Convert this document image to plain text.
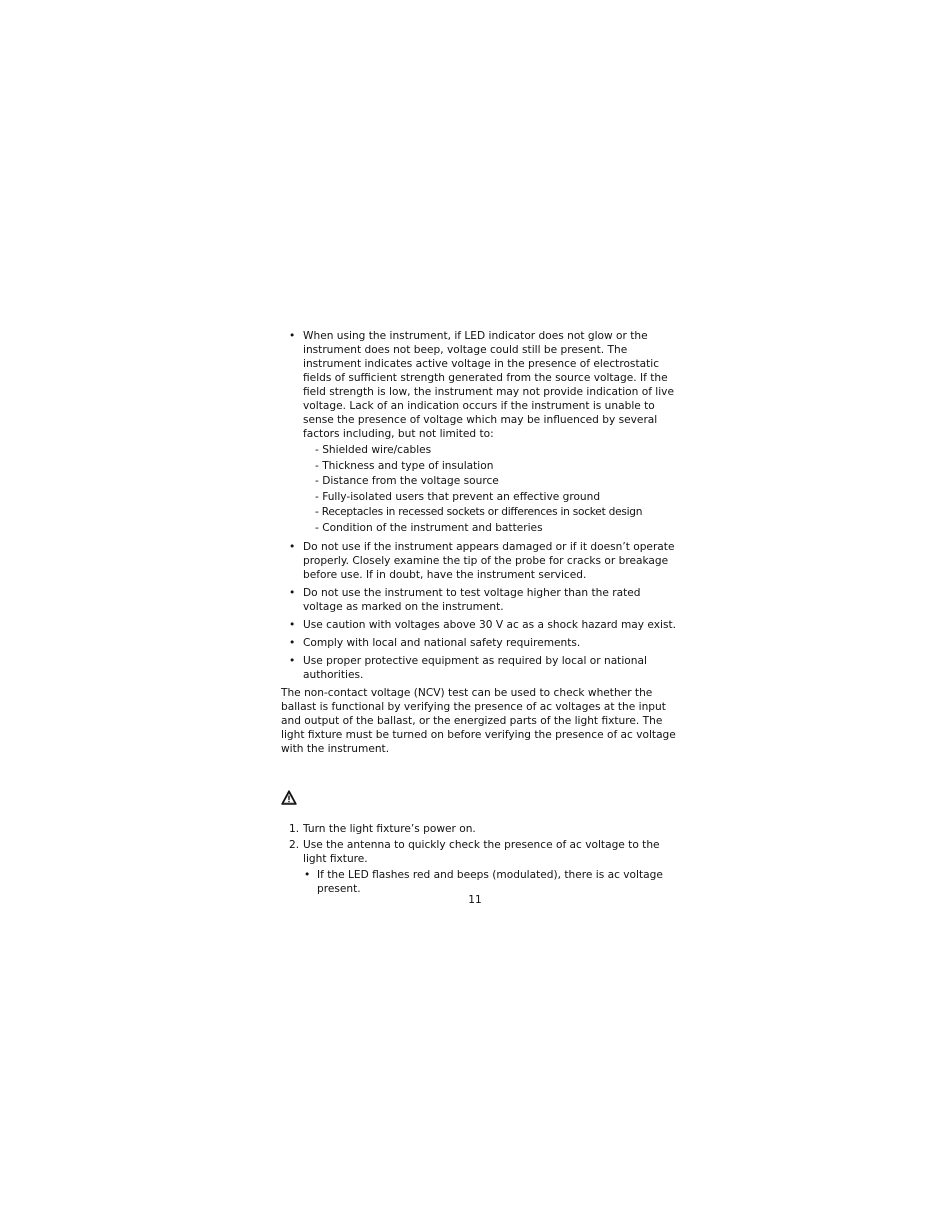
• When using the instrument, if LED indicator does not glow or the instrument does not beep, voltage could still be present. The instrument indicates active voltage in the presence of electrostatic fields of sufficient strength generated from the source voltage. If the field strength is low, the instrument may not provide indication of live voltage. Lack of an indication occurs if the instrument is unable to sense the presence of voltage which may be influenced by several factors including, but not limited to:
- Shielded wire/cables
- Thickness and type of insulation
- Distance from the voltage source
- Fully-isolated users that prevent an effective ground
- Receptacles in recessed sockets or differences in socket design
- Condition of the instrument and batteries
• Do not use if the instrument appears damaged or if it doesn’t operate properly. Closely examine the tip of the probe for cracks or breakage before use. If in doubt, have the instrument serviced.
• Do not use the instrument to test voltage higher than the rated voltage as marked on the instrument.
• Use caution with voltages above 30 V ac as a shock hazard may exist.
• Comply with local and national safety requirements.
• Use proper protective equipment as required by local or national authorities.

The non-contact voltage (NCV) test can be used to check whether the ballast is functional by verifying the presence of ac voltages at the input and output of the ballast, or the energized parts of the light fixture. The light fixture must be turned on before verifying the presence of ac voltage with the instrument.

1. Turn the light fixture’s power on.
2. Use the antenna to quickly check the presence of ac voltage to the light fixture.
• If the LED flashes red and beeps (modulated), there is ac voltage present.
11
